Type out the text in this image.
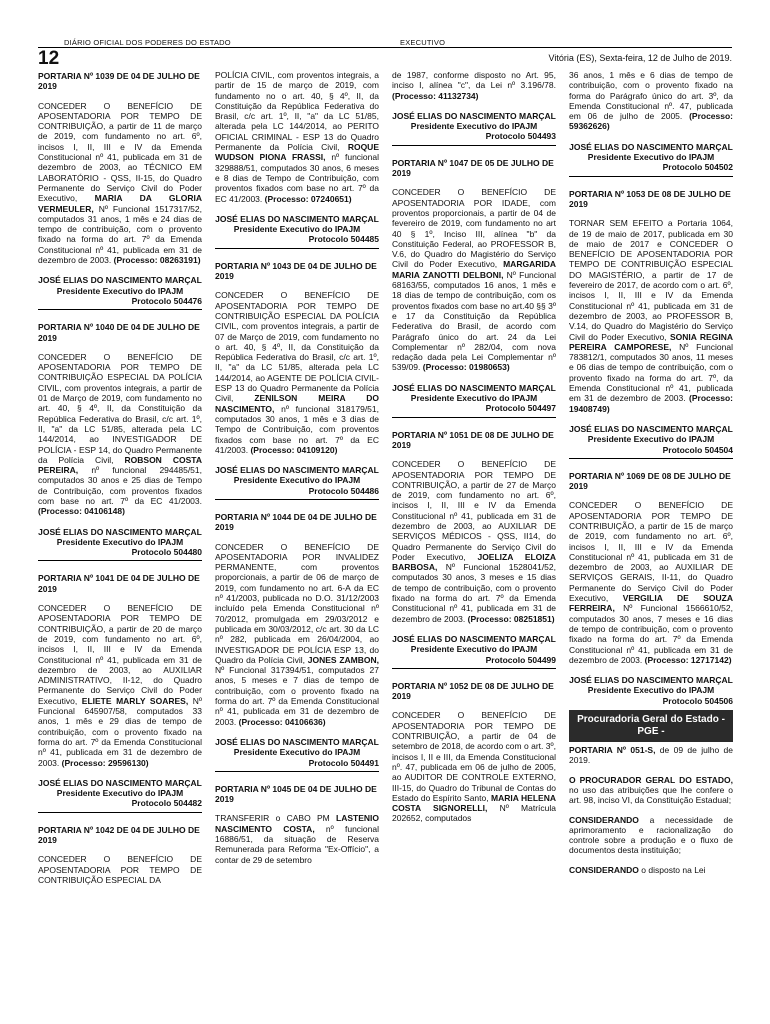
DIÁRIO OFICIAL DOS PODERES DO ESTADO	EXECUTIVO
12	Vitória (ES), Sexta-feira, 12 de Julho de 2019.
PORTARIA Nº 1039 DE 04 DE JULHO DE 2019
CONCEDER O BENEFÍCIO DE APOSENTADORIA POR TEMPO DE CONTRIBUIÇÃO, a partir de 11 de março de 2019, com fundamento no art. 6º, incisos I, II, III e IV da Emenda Constitucional nº 41, publicada em 31 de dezembro de 2003, ao TÉCNICO EM LABORATÓRIO - QSS, II-15, do Quadro Permanente do Serviço Civil do Poder Executivo, MARIA DA GLORIA VERMEULER, Nº Funcional 1517317/52, computados 31 anos, 1 mês e 24 dias de tempo de contribuição, com o provento fixado na forma do art. 7º da Emenda Constitucional nº 41, publicada em 31 de dezembro de 2003. (Processo: 08263191)
JOSÉ ELIAS DO NASCIMENTO MARÇAL
Presidente Executivo do IPAJM
Protocolo 504476
PORTARIA Nº 1040 DE 04 DE JULHO DE 2019
CONCEDER O BENEFÍCIO DE APOSENTADORIA POR TEMPO DE CONTRIBUIÇÃO ESPECIAL DA POLÍCIA CIVIL, com proventos integrais, a partir de 01 de Março de 2019, com fundamento no art. 40, § 4º, II, da Constituição da República Federativa do Brasil, c/c art. 1º, II, "a" da LC 51/85, alterada pela LC 144/2014, ao INVESTIGADOR DE POLÍCIA - ESP 14, do Quadro Permanente da Polícia Civil, ROBSON COSTA PEREIRA, nº funcional 294485/51, computados 30 anos e 25 dias de Tempo de Contribuição, com proventos fixados com base no art. 7º da EC 41/2003. (Processo: 04106148)
JOSÉ ELIAS DO NASCIMENTO MARÇAL
Presidente Executivo do IPAJM
Protocolo 504480
PORTARIA Nº 1041 DE 04 DE JULHO DE 2019
CONCEDER O BENEFÍCIO DE APOSENTADORIA POR TEMPO DE CONTRIBUIÇÃO, a partir de 20 de março de 2019, com fundamento no art. 6º, incisos I, II, III e IV da Emenda Constitucional nº 41, publicada em 31 de dezembro de 2003, ao AUXILIAR ADMINISTRATIVO, II-12, do Quadro Permanente do Serviço Civil do Poder Executivo, ELIETE MARLY SOARES, Nº Funcional 645907/58, computados 33 anos, 1 mês e 29 dias de tempo de contribuição, com o provento fixado na forma do art. 7º da Emenda Constitucional nº 41, publicada em 31 de dezembro de 2003. (Processo: 29596130)
JOSÉ ELIAS DO NASCIMENTO MARÇAL
Presidente Executivo do IPAJM
Protocolo 504482
PORTARIA Nº 1042 DE 04 DE JULHO DE 2019
CONCEDER O BENEFÍCIO DE APOSENTADORIA POR TEMPO DE CONTRIBUIÇÃO ESPECIAL DA
POLÍCIA CIVIL, com proventos integrais, a partir de 15 de março de 2019, com fundamento no o art. 40, § 4º, II, da Constituição da República Federativa do Brasil, c/c art. 1º, II, "a" da LC 51/85, alterada pela LC 144/2014, ao PERITO OFICIAL CRIMINAL - ESP 13 do Quadro Permanente da Polícia Civil, ROQUE WUDSON PIONA FRASSI, nº funcional 329888/51, computados 30 anos, 6 meses e 8 dias de Tempo de Contribuição, com proventos fixados com base no art. 7º da EC 41/2003. (Processo: 07240651)
JOSÉ ELIAS DO NASCIMENTO MARÇAL
Presidente Executivo do IPAJM
Protocolo 504485
PORTARIA Nº 1043 DE 04 DE JULHO DE 2019
CONCEDER O BENEFÍCIO DE APOSENTADORIA POR TEMPO DE CONTRIBUIÇÃO ESPECIAL DA POLÍCIA CIVIL, com proventos integrais, a partir de 07 de Março de 2019, com fundamento no o art. 40, § 4º, II, da Constituição da República Federativa do Brasil, c/c art. 1º, II, "a" da LC 51/85, alterada pela LC 144/2014, ao AGENTE DE POLÍCIA CIVIL-ESP 13 do Quadro Permanente da Polícia Civil, ZENILSON MEIRA DO NASCIMENTO, nº funcional 318179/51, computados 30 anos, 1 mês e 3 dias de Tempo de Contribuição, com proventos fixados com base no art. 7º da EC 41/2003. (Processo: 04109120)
JOSÉ ELIAS DO NASCIMENTO MARÇAL
Presidente Executivo do IPAJM
Protocolo 504486
PORTARIA Nº 1044 DE 04 DE JULHO DE 2019
CONCEDER O BENEFÍCIO DE APOSENTADORIA POR INVALIDEZ PERMANENTE, com proventos proporcionais, a partir de 06 de março de 2019, com fundamento no art. 6-A da EC nº 41/2003, publicada no D.O. 31/12/2003 incluído pela Emenda Constitucional nº 70/2012, promulgada em 29/03/2012 e publicada em 30/03/2012, c/c art. 30 da LC nº 282, publicada em 26/04/2004, ao INVESTIGADOR DE POLÍCIA ESP 13, do Quadro da Polícia Civil, JONES ZAMBON, Nº Funcional 317394/51, computados 27 anos, 5 meses e 7 dias de tempo de contribuição, com o provento fixado na forma do art. 7º da Emenda Constitucional nº 41, publicada em 31 de dezembro de 2003. (Processo: 04106636)
JOSÉ ELIAS DO NASCIMENTO MARÇAL
Presidente Executivo do IPAJM
Protocolo 504491
PORTARIA Nº 1045 DE 04 DE JULHO DE 2019
TRANSFERIR o CABO PM LASTENIO NASCIMENTO COSTA, nº funcional 16886/51, da situação de Reserva Remunerada para Reforma "Ex-Offício", a contar de 29 de setembro
de 1987, conforme disposto no Art. 95, inciso I, alínea "c", da Lei nº 3.196/78. (Processo: 41132734)
JOSÉ ELIAS DO NASCIMENTO MARÇAL
Presidente Executivo do IPAJM
Protocolo 504493
PORTARIA Nº 1047 DE 05 DE JULHO DE 2019
CONCEDER O BENEFÍCIO DE APOSENTADORIA POR IDADE, com proventos proporcionais, a partir de 04 de fevereiro de 2019, com fundamento no art 40 § 1º, Inciso III, alínea "b" da Constituição Federal, ao PROFESSOR B, V.6, do Quadro do Magistério do Serviço Civil do Poder Executivo, MARGARIDA MARIA ZANOTTI DELBONI, Nº Funcional 68163/55, computados 16 anos, 1 mês e 18 dias de tempo de contribuição, com os proventos fixados com base no art.40 §§ 3º e 17 da Constituição da República Federativa do Brasil, de acordo com Parágrafo único do art. 24 da Lei Complementar nº 282/04, com nova redação dada pela Lei Complementar nº 539/09. (Processo: 01980653)
JOSÉ ELIAS DO NASCIMENTO MARÇAL
Presidente Executivo do IPAJM
Protocolo 504497
PORTARIA Nº 1051 DE 08 DE JULHO DE 2019
CONCEDER O BENEFÍCIO DE APOSENTADORIA POR TEMPO DE CONTRIBUIÇÃO, a partir de 27 de Março de 2019, com fundamento no art. 6º, incisos I, II, III e IV da Emenda Constitucional nº 41, publicada em 31 de dezembro de 2003, ao AUXILIAR DE SERVIÇOS MÉDICOS - QSS, II14, do Quadro Permanente do Serviço Civil do Poder Executivo, JOELIZA ELOIZA BARBOSA, Nº Funcional 1528041/52, computados 30 anos, 3 meses e 15 dias de tempo de contribuição, com o provento fixado na forma do art. 7º da Emenda Constitucional nº 41, publicada em 31 de dezembro de 2003. (Processo: 08251851)
JOSÉ ELIAS DO NASCIMENTO MARÇAL
Presidente Executivo do IPAJM
Protocolo 504499
PORTARIA Nº 1052 DE 08 DE JULHO DE 2019
CONCEDER O BENEFÍCIO DE APOSENTADORIA POR TEMPO DE CONTRIBUIÇÃO, a partir de 04 de setembro de 2018, de acordo com o art. 3º, incisos I, II e III, da Emenda Constitucional nº. 47, publicada em 06 de julho de 2005, ao AUDITOR DE CONTROLE EXTERNO, III-15, do Quadro do Tribunal de Contas do Estado do Espírito Santo, MARIA HELENA COSTA SIGNORELLI, Nº Matrícula 202652, computados
36 anos, 1 mês e 6 dias de tempo de contribuição, com o provento fixado na forma do Parágrafo único do art. 3º, da Emenda Constitucional nº. 47, publicada em 06 de julho de 2005. (Processo: 59362626)
JOSÉ ELIAS DO NASCIMENTO MARÇAL
Presidente Executivo do IPAJM
Protocolo 504502
PORTARIA Nº 1053 DE 08 DE JULHO DE 2019
TORNAR SEM EFEITO a Portaria 1064, de 19 de maio de 2017, publicada em 30 de maio de 2017 e CONCEDER O BENEFÍCIO DE APOSENTADORIA POR TEMPO DE CONTRIBUIÇÃO ESPECIAL DO MAGISTÉRIO, a partir de 17 de fevereiro de 2017, de acordo com o art. 6º, incisos I, II, III e IV da Emenda Constitucional nº 41, publicada em 31 de dezembro de 2003, ao PROFESSOR B, V.14, do Quadro do Magistério do Serviço Civil do Poder Executivo, SONIA REGINA PEREIRA CAMPORESE, Nº Funcional 783812/1, computados 30 anos, 11 meses e 06 dias de tempo de contribuição, com o provento fixado na forma do art. 7º, da Emenda Constitucional nº 41, publicada em 31 de dezembro de 2003. (Processo: 19408749)
JOSÉ ELIAS DO NASCIMENTO MARÇAL
Presidente Executivo do IPAJM
Protocolo 504504
PORTARIA Nº 1069 DE 08 DE JULHO DE 2019
CONCEDER O BENEFÍCIO DE APOSENTADORIA POR TEMPO DE CONTRIBUIÇÃO, a partir de 15 de março de 2019, com fundamento no art. 6º, incisos I, II, III e IV da Emenda Constitucional nº 41, publicada em 31 de dezembro de 2003, ao AUXILIAR DE SERVIÇOS GERAIS, II-11, do Quadro Permanente do Serviço Civil do Poder Executivo, VERGILIA DE SOUZA FERREIRA, Nº Funcional 1566610/52, computados 30 anos, 7 meses e 16 dias de tempo de contribuição, com o provento fixado na forma do art. 7º da Emenda Constitucional nº 41, publicada em 31 de dezembro de 2003. (Processo: 12717142)
JOSÉ ELIAS DO NASCIMENTO MARÇAL
Presidente Executivo do IPAJM
Protocolo 504506
Procuradoria Geral do Estado - PGE -
PORTARIA Nº 051-S, de 09 de julho de 2019.
O PROCURADOR GERAL DO ESTADO, no uso das atribuições que lhe confere o art. 98, inciso VI, da Constituição Estadual;
CONSIDERANDO a necessidade de aprimoramento e racionalização do controle sobre a produção e o fluxo de documentos desta instituição;
CONSIDERANDO o disposto na Lei
